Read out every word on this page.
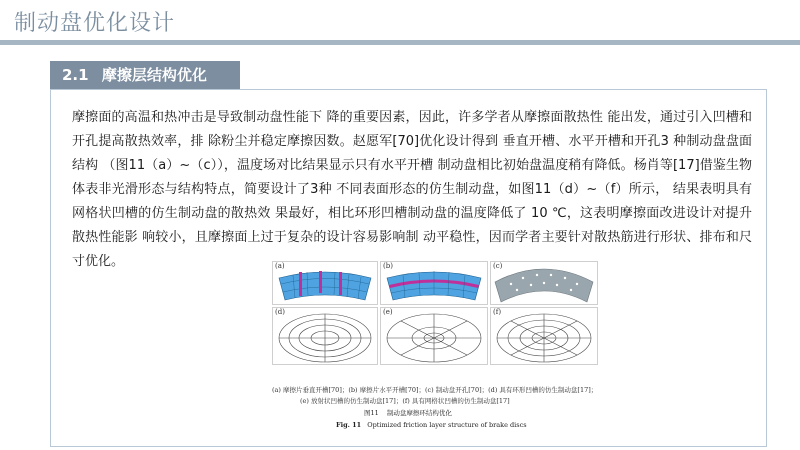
制动盘优化设计
2.1 摩擦层结构优化
摩擦面的高温和热冲击是导致制动盘性能下 降的重要因素，因此，许多学者从摩擦面散热性 能出发，通过引入凹槽和开孔提高散热效率，排 除粉尘并稳定摩擦因数。赵愿军[70]优化设计得到 垂直开槽、水平开槽和开孔3 种制动盘盘面结构 （图11（a）~（c）），温度场对比结果显示只有水平开槽 制动盘相比初始盘温度稍有降低。杨肖等[17]借鉴生物体表非光滑形态与结构特点，简要设计了3种 不同表面形态的仿生制动盘，如图11（d）~（f）所示， 结果表明具有网格状凹槽的仿生制动盘的散热效 果最好，相比环形凹槽制动盘的温度降低了 10 ℃，这表明摩擦面改进设计对提升散热性能影 响较小，且摩擦面上过于复杂的设计容易影响制 动平稳性，因而学者主要针对散热筋进行形状、排布和尺寸优化。	(a)	(b)	(c)
(d)	(e)	(f)
(a) 摩擦片垂直开槽[70]；(b) 摩擦片水平开槽[70]；(c) 制动盘开孔[70]；(d) 具有环形凹槽的仿生制动盘[17]；
(e) 放射状凹槽的仿生制动盘[17]；(f) 具有网格状凹槽的仿生制动盘[17]
图11 制动盘摩擦环结构优化
Fig. 11 Optimized friction layer structure of brake discs
